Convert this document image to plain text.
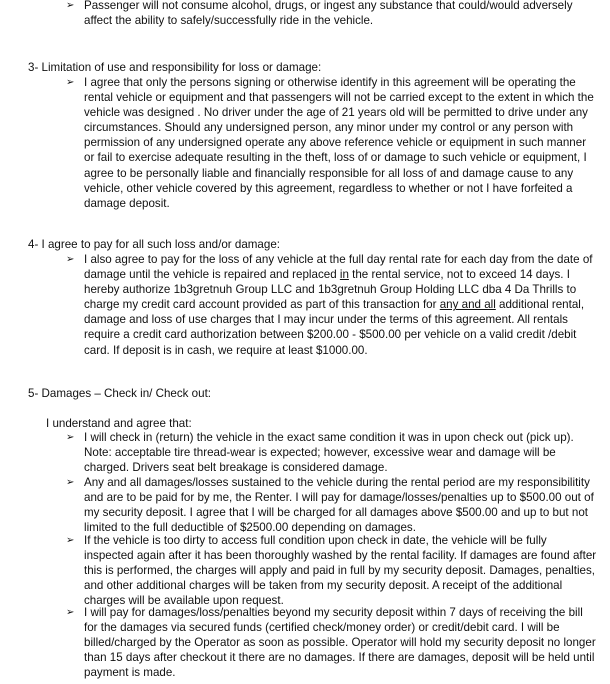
➢ Passenger will not consume alcohol, drugs, or ingest any substance that could/would adversely affect the ability to safely/successfully ride in the vehicle.
3- Limitation of use and responsibility for loss or damage:
➢ I agree that only the persons signing or otherwise identify in this agreement will be operating the rental vehicle or equipment and that passengers will not be carried except to the extent in which the vehicle was designed . No driver under the age of 21 years old will be permitted to drive under any circumstances. Should any undersigned person, any minor under my control or any person with permission of any undersigned operate any above reference vehicle or equipment in such manner or fail to exercise adequate resulting in the theft, loss of or damage to such vehicle or equipment, I agree to be personally liable and financially responsible for all loss of and damage cause to any vehicle, other vehicle covered by this agreement, regardless to whether or not I have forfeited a damage deposit.
4- I agree to pay for all such loss and/or damage:
➢ I also agree to pay for the loss of any vehicle at the full day rental rate for each day from the date of damage until the vehicle is repaired and replaced in the rental service, not to exceed 14 days. I hereby authorize 1b3gretnuh Group LLC and 1b3gretnuh Group Holding LLC dba 4 Da Thrills to charge my credit card account provided as part of this transaction for any and all additional rental, damage and loss of use charges that I may incur under the terms of this agreement. All rentals require a credit card authorization between $200.00 - $500.00 per vehicle on a valid credit /debit card. If deposit is in cash, we require at least $1000.00.
5- Damages – Check in/ Check out:
I understand and agree that:
➢ I will check in (return) the vehicle in the exact same condition it was in upon check out (pick up). Note: acceptable tire thread-wear is expected; however, excessive wear and damage will be charged. Drivers seat belt breakage is considered damage.
➢ Any and all damages/losses sustained to the vehicle during the rental period are my responsibilitity and are to be paid for by me, the Renter. I will pay for damage/losses/penalties up to $500.00 out of my security deposit. I agree that I will be charged for all damages above $500.00 and up to but not limited to the full deductible of $2500.00 depending on damages.
➢ If the vehicle is too dirty to access full condition upon check in date, the vehicle will be fully inspected again after it has been thoroughly washed by the rental facility. If damages are found after this is performed, the charges will apply and paid in full by my security deposit. Damages, penalties, and other additional charges will be taken from my security deposit. A receipt of the additional charges will be available upon request.
➢ I will pay for damages/loss/penalties beyond my security deposit within 7 days of receiving the bill for the damages via secured funds (certified check/money order) or credit/debit card. I will be billed/charged by the Operator as soon as possible. Operator will hold my security deposit no longer than 15 days after checkout it there are no damages. If there are damages, deposit will be held until payment is made.
